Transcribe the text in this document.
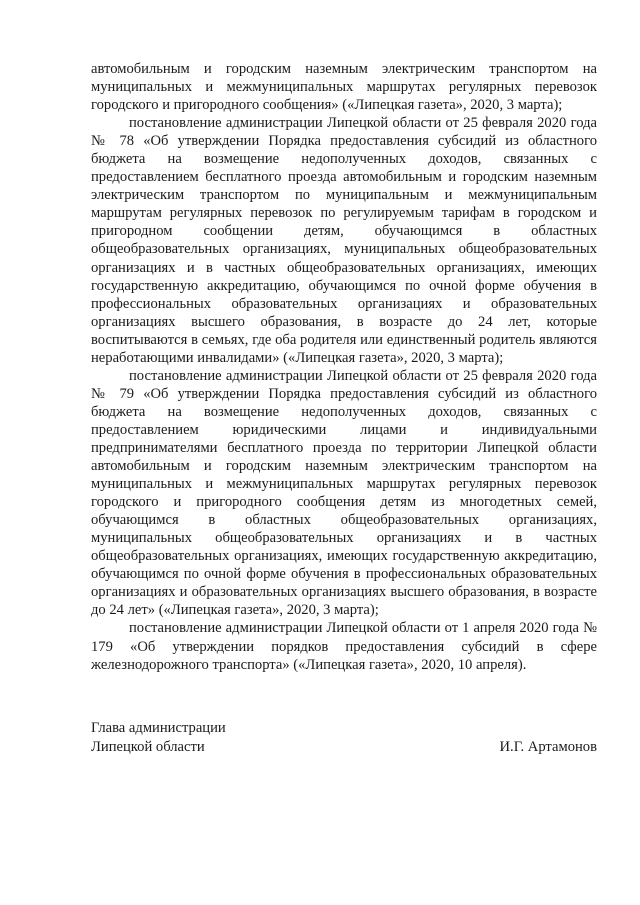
автомобильным и городским наземным электрическим транспортом на муниципальных и межмуниципальных маршрутах регулярных перевозок городского и пригородного сообщения» («Липецкая газета», 2020, 3 марта);

постановление администрации Липецкой области от 25 февраля 2020 года № 78 «Об утверждении Порядка предоставления субсидий из областного бюджета на возмещение недополученных доходов, связанных с предоставлением бесплатного проезда автомобильным и городским наземным электрическим транспортом по муниципальным и межмуниципальным маршрутам регулярных перевозок по регулируемым тарифам в городском и пригородном сообщении детям, обучающимся в областных общеобразовательных организациях, муниципальных общеобразовательных организациях и в частных общеобразовательных организациях, имеющих государственную аккредитацию, обучающимся по очной форме обучения в профессиональных образовательных организациях и образовательных организациях высшего образования, в возрасте до 24 лет, которые воспитываются в семьях, где оба родителя или единственный родитель являются неработающими инвалидами» («Липецкая газета», 2020, 3 марта);

постановление администрации Липецкой области от 25 февраля 2020 года № 79 «Об утверждении Порядка предоставления субсидий из областного бюджета на возмещение недополученных доходов, связанных с предоставлением юридическими лицами и индивидуальными предпринимателями бесплатного проезда по территории Липецкой области автомобильным и городским наземным электрическим транспортом на муниципальных и межмуниципальных маршрутах регулярных перевозок городского и пригородного сообщения детям из многодетных семей, обучающимся в областных общеобразовательных организациях, муниципальных общеобразовательных организациях и в частных общеобразовательных организациях, имеющих государственную аккредитацию, обучающимся по очной форме обучения в профессиональных образовательных организациях и образовательных организациях высшего образования, в возрасте до 24 лет» («Липецкая газета», 2020, 3 марта);

постановление администрации Липецкой области от 1 апреля 2020 года № 179 «Об утверждении порядков предоставления субсидий в сфере железнодорожного транспорта» («Липецкая газета», 2020, 10 апреля).

Глава администрации
Липецкой области	И.Г. Артамонов
